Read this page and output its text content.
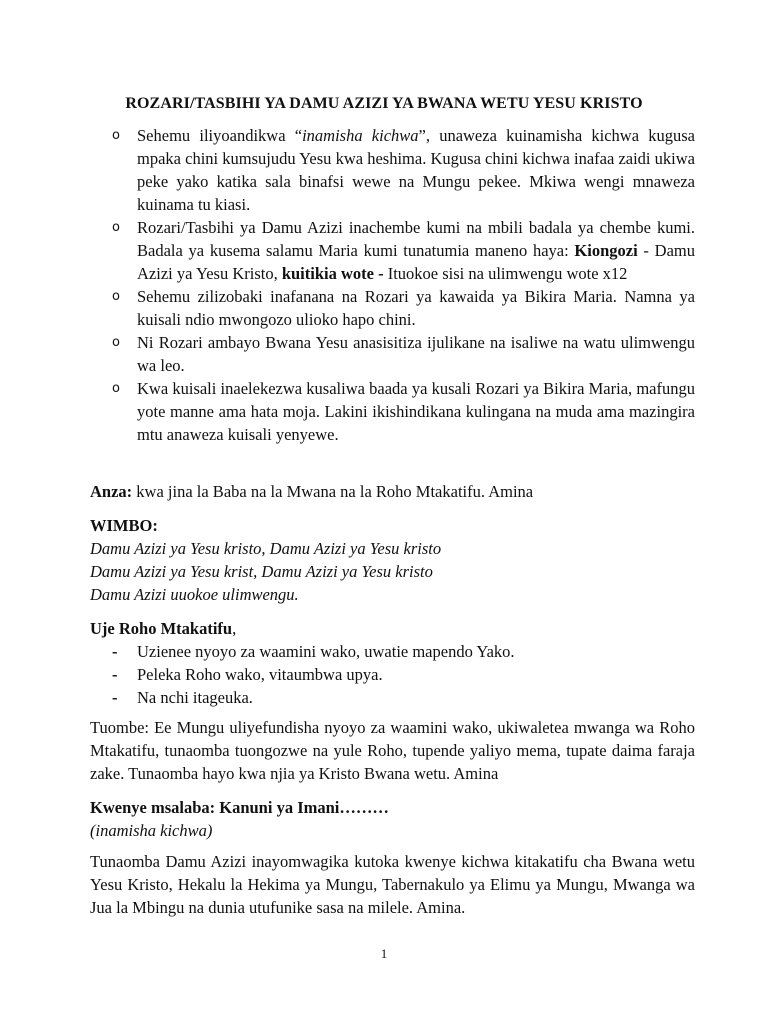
ROZARI/TASBIHI YA DAMU AZIZI YA BWANA WETU YESU KRISTO
o Sehemu iliyoandikwa “inamisha kichwa”, unaweza kuinamisha kichwa kugusa mpaka chini kumsujudu Yesu kwa heshima. Kugusa chini kichwa inafaa zaidi ukiwa peke yako katika sala binafsi wewe na Mungu pekee. Mkiwa wengi mnaweza kuinama tu kiasi.
o Rozari/Tasbihi ya Damu Azizi inachembe kumi na mbili badala ya chembe kumi. Badala ya kusema salamu Maria kumi tunatumia maneno haya: Kiongozi - Damu Azizi ya Yesu Kristo, kuitikia wote - Ituokoe sisi na ulimwengu wote x12
o Sehemu zilizobaki inafanana na Rozari ya kawaida ya Bikira Maria. Namna ya kuisali ndio mwongozo ulioko hapo chini.
o Ni Rozari ambayo Bwana Yesu anasisitiza ijulikane na isaliwe na watu ulimwengu wa leo.
o Kwa kuisali inaelekezwa kusaliwa baada ya kusali Rozari ya Bikira Maria, mafungu yote manne ama hata moja. Lakini ikishindikana kulingana na muda ama mazingira mtu anaweza kuisali yenyewe.

Anza: kwa jina la Baba na la Mwana na la Roho Mtakatifu. Amina

WIMBO:
Damu Azizi ya Yesu kristo, Damu Azizi ya Yesu kristo
Damu Azizi ya Yesu krist, Damu Azizi ya Yesu kristo
Damu Azizi uuokoe ulimwengu.

Uje Roho Mtakatifu,

- Uzienee nyoyo za waamini wako, uwatie mapendo Yako.
- Peleka Roho wako, vitaumbwa upya.
- Na nchi itageuka.

Tuombe: Ee Mungu uliyefundisha nyoyo za waamini wako, ukiwaletea mwanga wa Roho Mtakatifu, tunaomba tuongozwe na yule Roho, tupende yaliyo mema, tupate daima faraja zake. Tunaomba hayo kwa njia ya Kristo Bwana wetu. Amina

Kwenye msalaba: Kanuni ya Imani………
(inamisha kichwa)

Tunaomba Damu Azizi inayomwagika kutoka kwenye kichwa kitakatifu cha Bwana wetu Yesu Kristo, Hekalu la Hekima ya Mungu, Tabernakulo ya Elimu ya Mungu, Mwanga wa Jua la Mbingu na dunia utufunike sasa na milele. Amina.

1
